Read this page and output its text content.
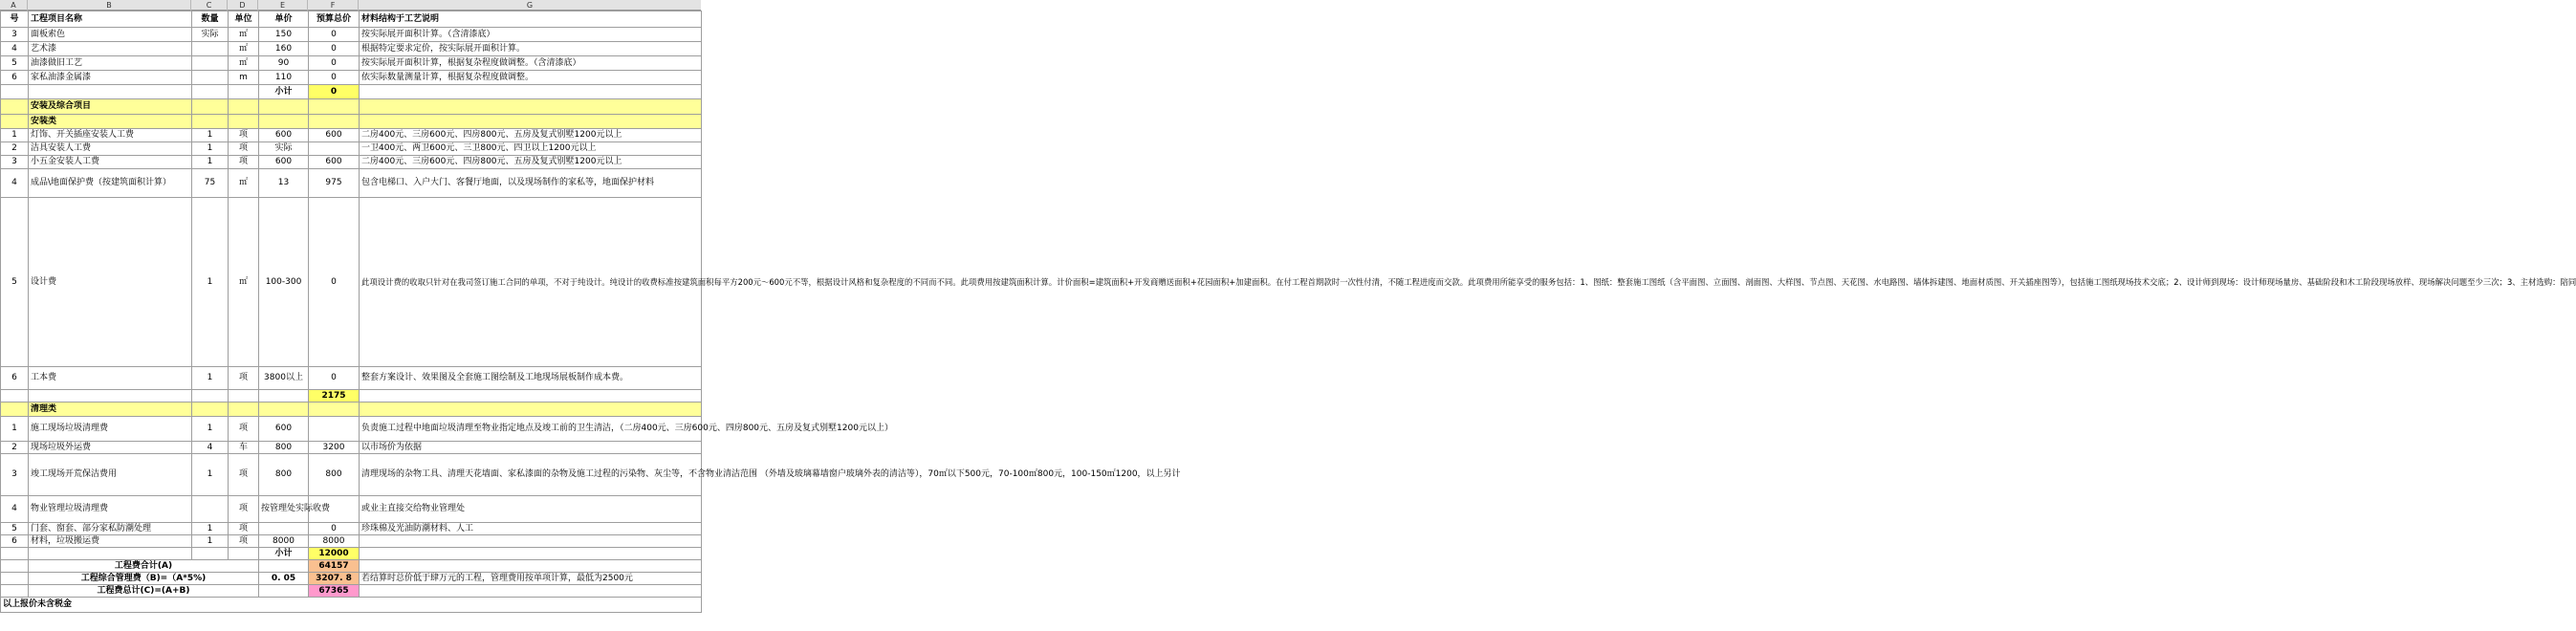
A	B	C	D	E	F	G
号	工程项目名称	数量	单位	单价	预算总价	材料结构于工艺说明
3	面板索色	实际	㎡	150	0	按实际展开面积计算。（含清漆底）
4	艺术漆		㎡	160	0	根据特定要求定价，按实际展开面积计算。
5	油漆做旧工艺		㎡	90	0	按实际展开面积计算，根据复杂程度做调整。（含清漆底）
6	家私油漆金属漆		m	110	0	依实际数量测量计算，根据复杂程度做调整。
				小计	0	
	安装及综合项目					
	安装类					
1	灯饰、开关插座安装人工费	1	项	600	600	二房400元、三房600元、四房800元、五房及复式别墅1200元以上
2	洁具安装人工费	1	项	实际		一卫400元、两卫600元、三卫800元、四卫以上1200元以上
3	小五金安装人工费	1	项	600	600	二房400元、三房600元、四房800元、五房及复式别墅1200元以上
4	成品\地面保护费（按建筑面积计算）	75	㎡	13	975	包含电梯口、入户大门、客餐厅地面，以及现场制作的家私等，地面保护材料
5	设计费	1	㎡	100-300	0	此项设计费的收取只针对在我司签订施工合同的单项，不对于纯设计。纯设计的收费标准按建筑面积每平方200元～600元不等，根据设计风格和复杂程度的不同而不同。此项费用按建筑面积计算。计价面积=建筑面积+开发商赠送面积+花园面积+加建面积。在付工程首期款时一次性付清，不随工程进度而交款。此项费用所能享受的服务包括：1、图纸：整套施工图纸（含平面图、立面图、剖面图、大样图、节点图、天花图、水电路图、墙体拆建图、地面材质图、开关插座图等），包括施工图纸现场技术交底；2、设计师到现场：设计师现场量房、基础阶段和木工阶段现场放样、现场解决问题至少三次；3、主材选购：陪同
6	工本费	1	项	3800以上	0	整套方案设计、效果图及全套施工图绘制及工地现场展板制作成本费。
					2175	
	清理类					
1	施工现场垃圾清理费	1	项	600		负责施工过程中地面垃圾清理至物业指定地点及竣工前的卫生清洁，（二房400元、三房600元、四房800元、五房及复式别墅1200元以上）
2	现场垃圾外运费	4	车	800	3200	以市场价为依据
3	竣工现场开荒保洁费用	1	项	800	800	清理现场的杂物工具、清理天花墙面、家私漆面的杂物及施工过程的污染物、灰尘等，不含物业清洁范围 （外墙及玻璃幕墙窗户玻璃外表的清洁等），70㎡以下500元，70-100㎡800元，100-150㎡1200，以上另计
4	物业管理垃圾清理费		项	按管理处实际收费		或业主直接交给物业管理处
5	门套、窗套、部分家私防潮处理	1	项		0	珍珠棉及光油防潮材料、人工
6	材料，垃圾搬运费	1	项	8000	8000	
				小计	12000	
	工程费合计(A)				64157	
	工程综合管理费（B)=（A*5%)			0. 05	3207. 8	若结算时总价低于肆万元的工程，管理费用按单项计算，最低为2500元
	工程费总计(C)=(A+B)				67365	
以上报价未含税金						
